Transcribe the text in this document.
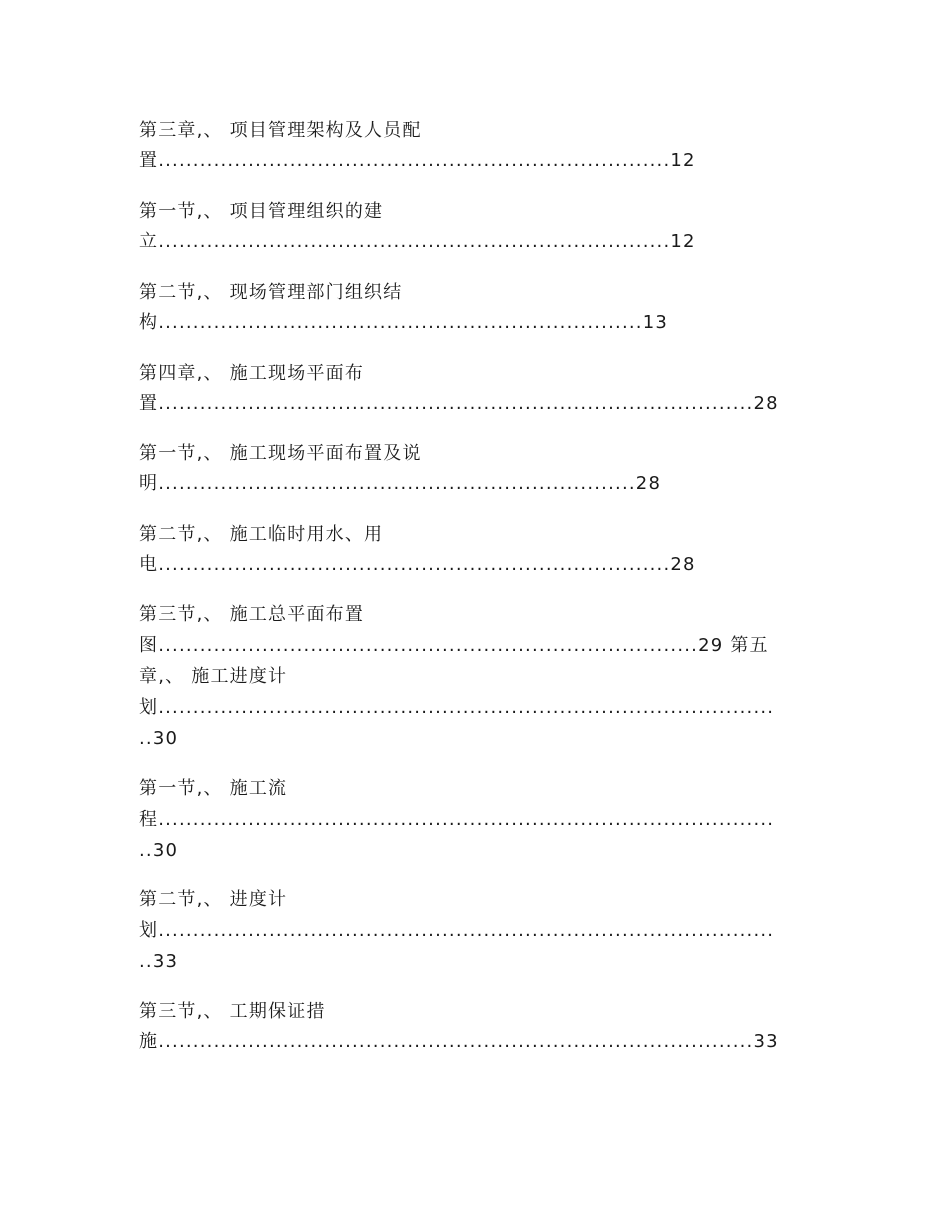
第三章,、 项目管理架构及人员配
置..........................................................................12
第一节,、 项目管理组织的建
立..........................................................................12
第二节,、 现场管理部门组织结
构......................................................................13
第四章,、 施工现场平面布
置......................................................................................28
第一节,、 施工现场平面布置及说
明.....................................................................28
第二节,、 施工临时用水、用
电..........................................................................28
第三节,、 施工总平面布置
图..............................................................................29 第五
章,、 施工进度计
划.........................................................................................
..30
第一节,、 施工流
程.........................................................................................
..30
第二节,、 进度计
划.........................................................................................
..33
第三节,、 工期保证措
施......................................................................................33
